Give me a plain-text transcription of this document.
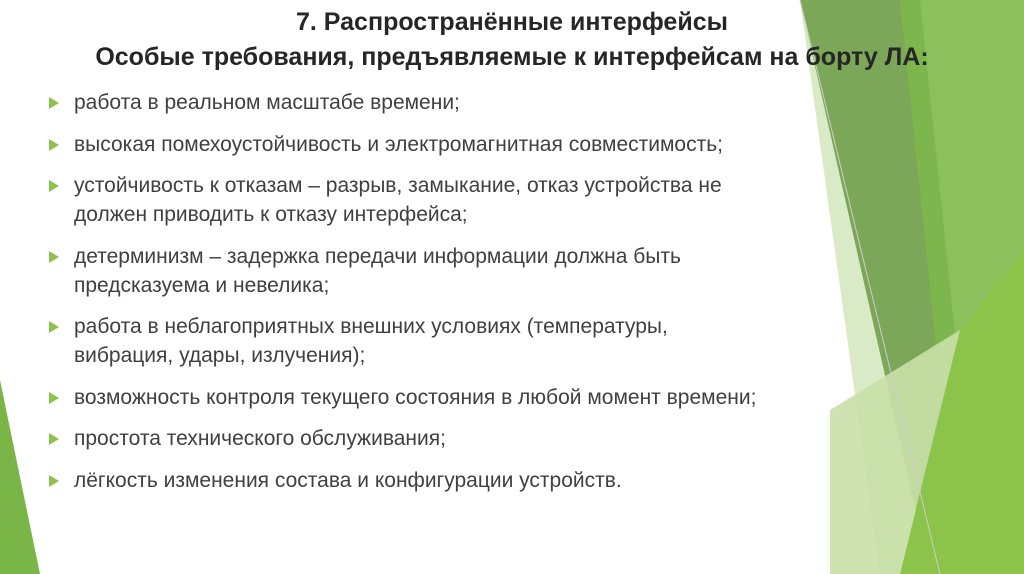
7. Распространённые интерфейсы
Особые требования, предъявляемые к интерфейсам на борту ЛА:
работа в реальном масштабе времени;
высокая помехоустойчивость и электромагнитная совместимость;
устойчивость к отказам – разрыв, замыкание, отказ устройства не должен приводить к отказу интерфейса;
детерминизм – задержка передачи информации должна быть предсказуема и невелика;
работа в неблагоприятных внешних условиях (температуры, вибрация, удары, излучения);
возможность контроля текущего состояния в любой момент времени;
простота технического обслуживания;
лёгкость изменения состава и конфигурации устройств.
